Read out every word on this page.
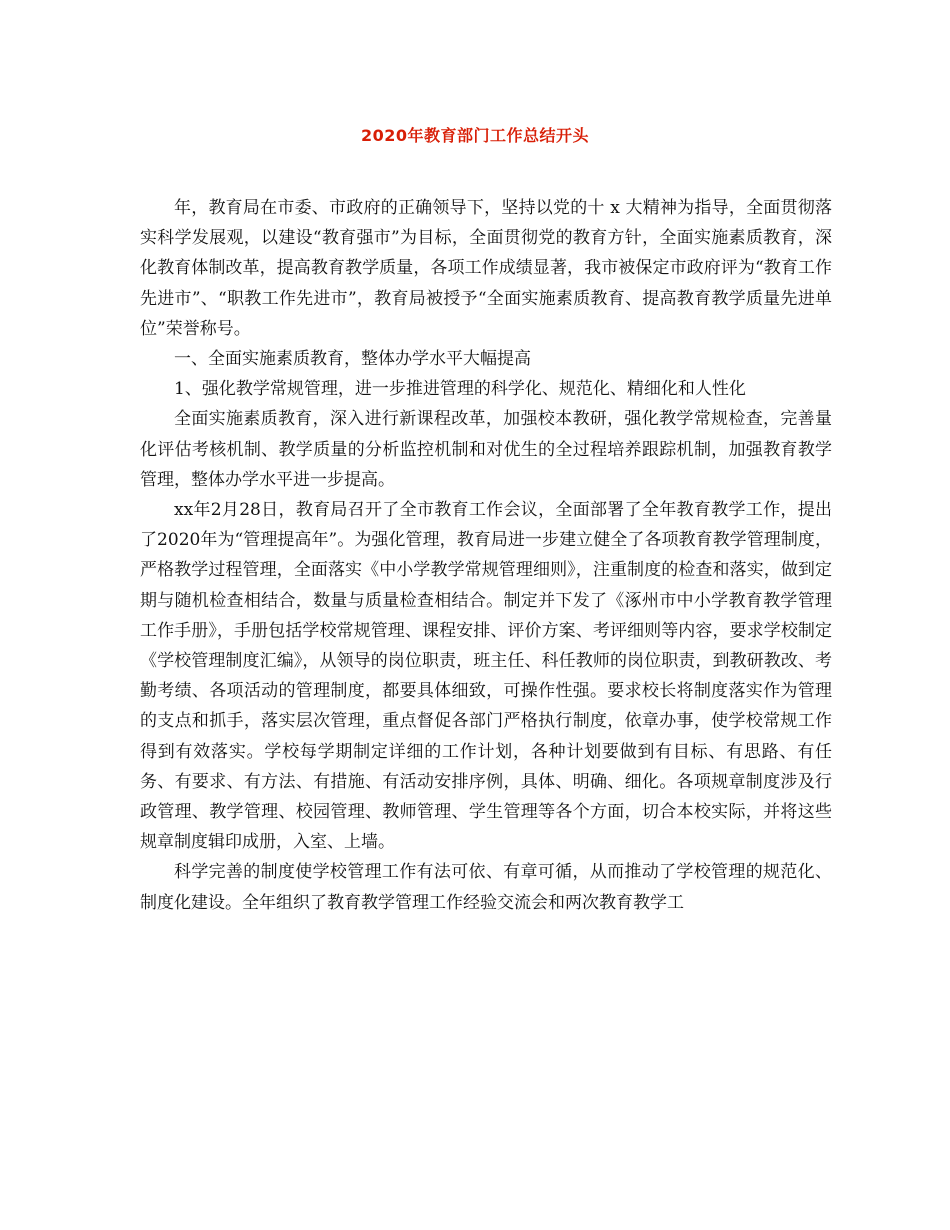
2020年教育部门工作总结开头

年，教育局在市委、市政府的正确领导下，坚持以党的十 x 大精神为指导，全面贯彻落实科学发展观，以建设“教育强市”为目标，全面贯彻党的教育方针，全面实施素质教育，深化教育体制改革，提高教育教学质量，各项工作成绩显著，我市被保定市政府评为“教育工作先进市”、“职教工作先进市”，教育局被授予“全面实施素质教育、提高教育教学质量先进单位”荣誉称号。

一、全面实施素质教育，整体办学水平大幅提高

1、强化教学常规管理，进一步推进管理的科学化、规范化、精细化和人性化

全面实施素质教育，深入进行新课程改革，加强校本教研，强化教学常规检查，完善量化评估考核机制、教学质量的分析监控机制和对优生的全过程培养跟踪机制，加强教育教学管理，整体办学水平进一步提高。

xx年2月28日，教育局召开了全市教育工作会议，全面部署了全年教育教学工作，提出了2020年为“管理提高年”。为强化管理，教育局进一步建立健全了各项教育教学管理制度，严格教学过程管理，全面落实《中小学教学常规管理细则》，注重制度的检查和落实，做到定期与随机检查相结合，数量与质量检查相结合。制定并下发了《涿州市中小学教育教学管理工作手册》，手册包括学校常规管理、课程安排、评价方案、考评细则等内容，要求学校制定《学校管理制度汇编》，从领导的岗位职责，班主任、科任教师的岗位职责，到教研教改、考勤考绩、各项活动的管理制度，都要具体细致，可操作性强。要求校长将制度落实作为管理的支点和抓手，落实层次管理，重点督促各部门严格执行制度，依章办事，使学校常规工作得到有效落实。学校每学期制定详细的工作计划，各种计划要做到有目标、有思路、有任务、有要求、有方法、有措施、有活动安排序例，具体、明确、细化。各项规章制度涉及行政管理、教学管理、校园管理、教师管理、学生管理等各个方面，切合本校实际，并将这些规章制度辑印成册，入室、上墙。

科学完善的制度使学校管理工作有法可依、有章可循，从而推动了学校管理的规范化、制度化建设。全年组织了教育教学管理工作经验交流会和两次教育教学工
